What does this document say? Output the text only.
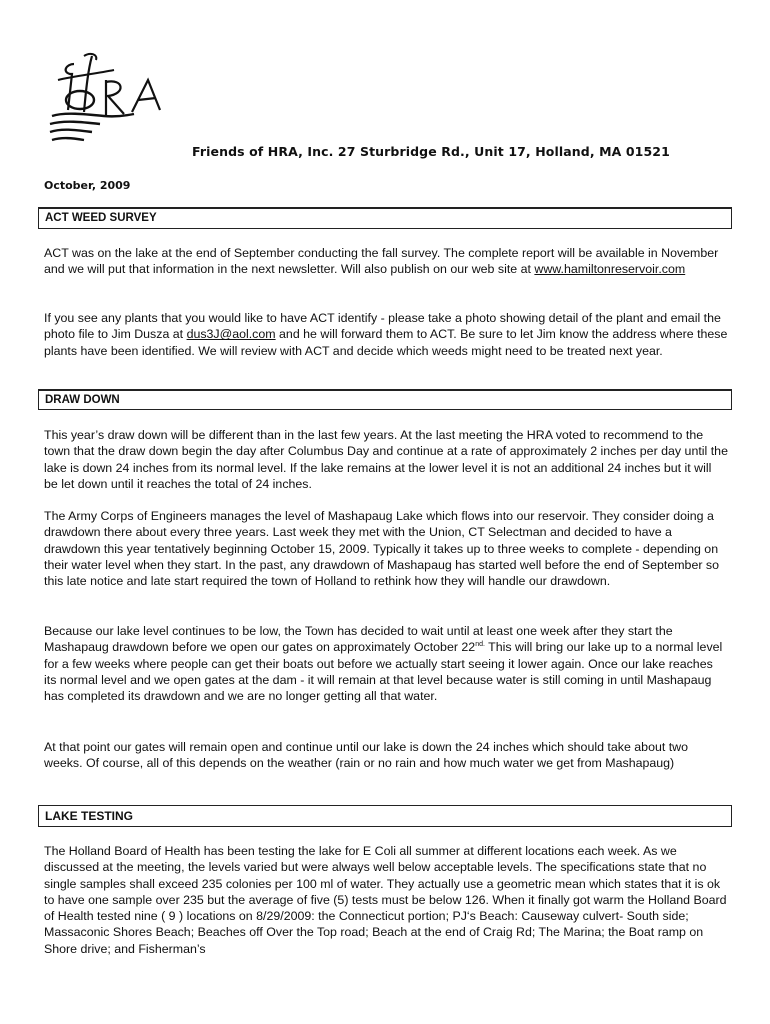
Friends of HRA, Inc. 27 Sturbridge Rd., Unit 17, Holland, MA 01521
October, 2009
ACT WEED SURVEY
ACT was on the lake at the end of September conducting the fall survey. The complete report will be available in November and we will put that information in the next newsletter. Will also publish on our web site at www.hamiltonreservoir.com
If you see any plants that you would like to have ACT identify - please take a photo showing detail of the plant and email the photo file to Jim Dusza at dus3J@aol.com and he will forward them to ACT. Be sure to let Jim know the address where these plants have been identified. We will review with ACT and decide which weeds might need to be treated next year.
DRAW DOWN
This year’s draw down will be different than in the last few years. At the last meeting the HRA voted to recommend to the town that the draw down begin the day after Columbus Day and continue at a rate of approximately 2 inches per day until the lake is down 24 inches from its normal level. If the lake remains at the lower level it is not an additional 24 inches but it will be let down until it reaches the total of 24 inches.
The Army Corps of Engineers manages the level of Mashapaug Lake which flows into our reservoir. They consider doing a drawdown there about every three years. Last week they met with the Union, CT Selectman and decided to have a drawdown this year tentatively beginning October 15, 2009. Typically it takes up to three weeks to complete - depending on their water level when they start. In the past, any drawdown of Mashapaug has started well before the end of September so this late notice and late start required the town of Holland to rethink how they will handle our drawdown.
Because our lake level continues to be low, the Town has decided to wait until at least one week after they start the Mashapaug drawdown before we open our gates on approximately October $22^{nd.}$ This will bring our lake up to a normal level for a few weeks where people can get their boats out before we actually start seeing it lower again. Once our lake reaches its normal level and we open gates at the dam - it will remain at that level because water is still coming in until Mashapaug has completed its drawdown and we are no longer getting all that water.
At that point our gates will remain open and continue until our lake is down the 24 inches which should take about two weeks. Of course, all of this depends on the weather (rain or no rain and how much water we get from Mashapaug)
LAKE TESTING
The Holland Board of Health has been testing the lake for E Coli all summer at different locations each week. As we discussed at the meeting, the levels varied but were always well below acceptable levels. The specifications state that no single samples shall exceed 235 colonies per 100 ml of water. They actually use a geometric mean which states that it is ok to have one sample over 235 but the average of five (5) tests must be below 126. When it finally got warm the Holland Board of Health tested nine ( 9 ) locations on 8/29/2009: the Connecticut portion; PJ‘s Beach: Causeway culvert- South side; Massaconic Shores Beach; Beaches off Over the Top road; Beach at the end of Craig Rd; The Marina; the Boat ramp on Shore drive; and Fisherman’s
